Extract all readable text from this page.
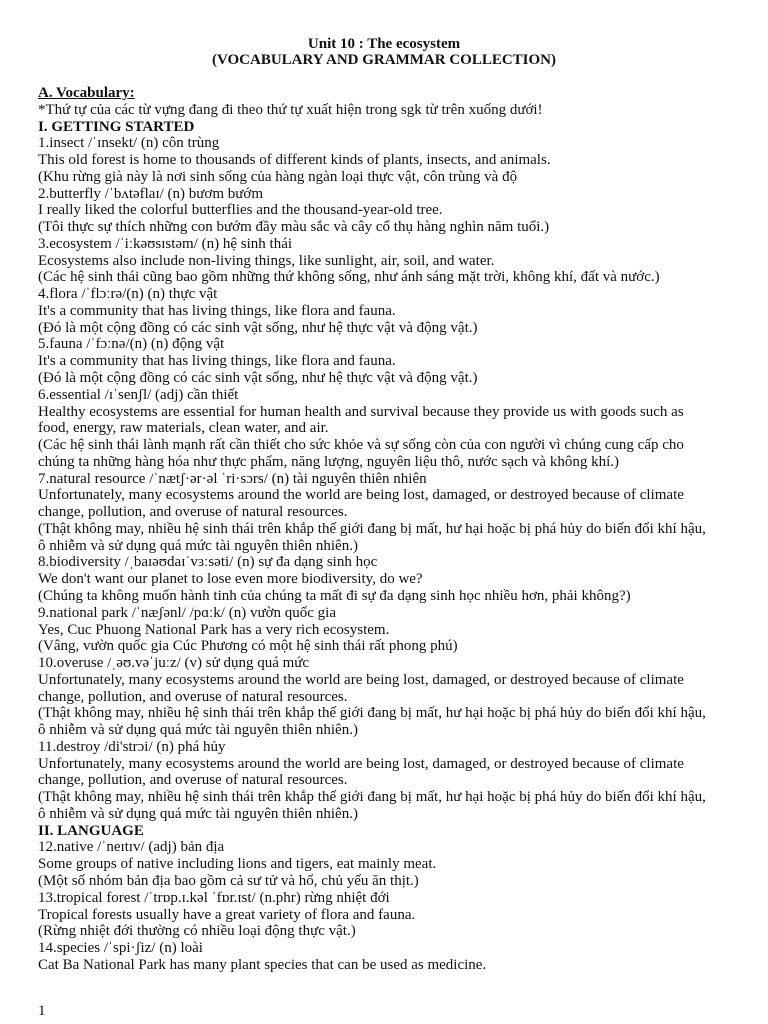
Unit 10 : The ecosystem
(VOCABULARY AND GRAMMAR COLLECTION)
A. Vocabulary:
*Thứ tự của các từ vựng đang đi theo thứ tự xuất hiện trong sgk từ trên xuống dưới!
I. GETTING STARTED
1.insect /ˈɪnsekt/ (n) côn trùng
This old forest is home to thousands of different kinds of plants, insects, and animals.
(Khu rừng già này là nơi sinh sống của hàng ngàn loại thực vật, côn trùng và độ
2.butterfly /ˈbʌtəflaɪ/ (n) bươm bướm
I really liked the colorful butterflies and the thousand-year-old tree.
(Tôi thực sự thích những con bướm đầy màu sắc và cây cổ thụ hàng nghìn năm tuổi.)
3.ecosystem /ˈiːkəʊsɪstəm/ (n) hệ sinh thái
Ecosystems also include non-living things, like sunlight, air, soil, and water.
(Các hệ sinh thái cũng bao gồm những thứ không sống, như ánh sáng mặt trời, không khí, đất và nước.)
4.flora /ˈflɔːrə/(n) (n) thực vật
It's a community that has living things, like flora and fauna.
(Đó là một cộng đồng có các sinh vật sống, như hệ thực vật và động vật.)
5.fauna /ˈfɔːnə/(n) (n) động vật
It's a community that has living things, like flora and fauna.
(Đó là một cộng đồng có các sinh vật sống, như hệ thực vật và động vật.)
6.essential /ɪˈsenʃl/ (adj) cần thiết
Healthy ecosystems are essential for human health and survival because they provide us with goods such as
food, energy, raw materials, clean water, and air.
(Các hệ sinh thái lành mạnh rất cần thiết cho sức khỏe và sự sống còn của con người vì chúng cung cấp cho
chúng ta những hàng hóa như thực phẩm, năng lượng, nguyên liệu thô, nước sạch và không khí.)
7.natural resource /ˈnætʃ·ər·əl ˈri·sɔrs/ (n) tài nguyên thiên nhiên
Unfortunately, many ecosystems around the world are being lost, damaged, or destroyed because of climate
change, pollution, and overuse of natural resources.
(Thật không may, nhiều hệ sinh thái trên khắp thế giới đang bị mất, hư hại hoặc bị phá hủy do biến đổi khí hậu,
ô nhiễm và sử dụng quá mức tài nguyên thiên nhiên.)
8.biodiversity /ˌbaɪəʊdaɪˈvɜːsəti/ (n) sự đa dạng sinh học
We don't want our planet to lose even more biodiversity, do we?
(Chúng ta không muốn hành tinh của chúng ta mất đi sự đa dạng sinh học nhiều hơn, phải không?)
9.national park /ˈnæʃənl/ /pɑːk/ (n) vườn quốc gia
Yes, Cuc Phuong National Park has a very rich ecosystem.
(Vâng, vườn quốc gia Cúc Phương có một hệ sinh thái rất phong phú)
10.overuse /ˌəʊ.vəˈjuːz/ (v) sử dụng quá mức
Unfortunately, many ecosystems around the world are being lost, damaged, or destroyed because of climate
change, pollution, and overuse of natural resources.
(Thật không may, nhiều hệ sinh thái trên khắp thế giới đang bị mất, hư hại hoặc bị phá hủy do biến đổi khí hậu,
ô nhiễm và sử dụng quá mức tài nguyên thiên nhiên.)
11.destroy /di'strɔi/ (n) phá hủy
Unfortunately, many ecosystems around the world are being lost, damaged, or destroyed because of climate
change, pollution, and overuse of natural resources.
(Thật không may, nhiều hệ sinh thái trên khắp thế giới đang bị mất, hư hại hoặc bị phá hủy do biến đổi khí hậu,
ô nhiễm và sử dụng quá mức tài nguyên thiên nhiên.)
II. LANGUAGE
12.native /ˈneɪtɪv/ (adj) bản địa
Some groups of native including lions and tigers, eat mainly meat.
(Một số nhóm bản địa bao gồm cả sư tử và hổ, chủ yếu ăn thịt.)
13.tropical forest /ˈtrɒp.ɪ.kəl ˈfɒr.ɪst/ (n.phr) rừng nhiệt đới
Tropical forests usually have a great variety of flora and fauna.
(Rừng nhiệt đới thường có nhiều loại động thực vật.)
14.species /ˈspi·ʃiz/ (n) loài
Cat Ba National Park has many plant species that can be used as medicine.
1
